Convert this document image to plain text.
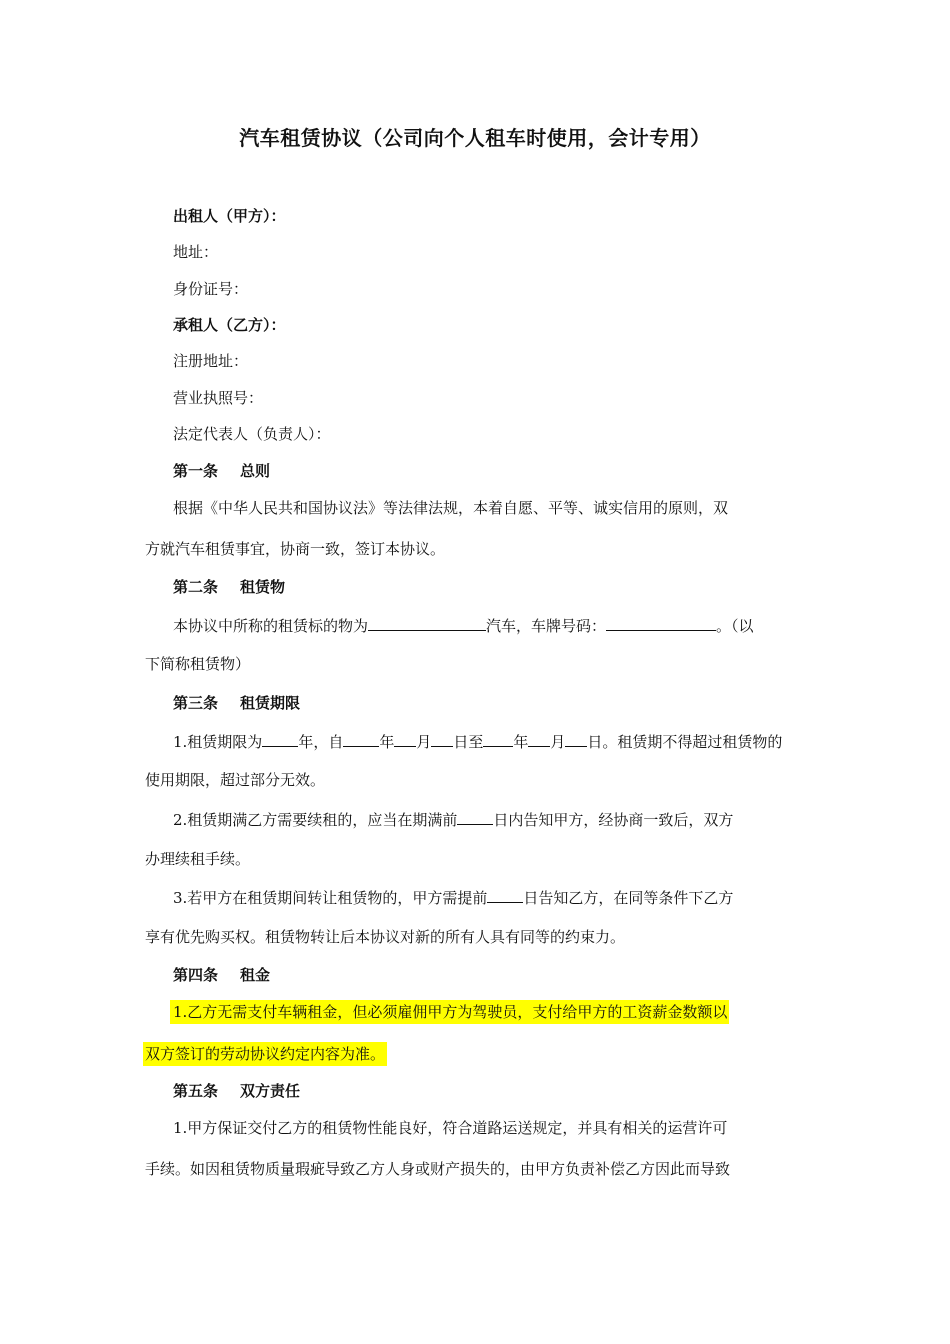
汽车租赁协议（公司向个人租车时使用，会计专用）
出租人（甲方）：
地址：
身份证号：
承租人（乙方）：
注册地址：
营业执照号：
法定代表人（负责人）：
第一条 总则
根据《中华人民共和国协议法》等法律法规，本着自愿、平等、诚实信用的原则，双
方就汽车租赁事宜，协商一致，签订本协议。
第二条 租赁物
本协议中所称的租赁标的物为	汽车，车牌号码：	。（以
下简称租赁物）
第三条 租赁期限
1.租赁期限为 年，自 年 月 日至 年 月 日。租赁期不得超过租赁物的
使用期限，超过部分无效。
2.租赁期满乙方需要续租的，应当在期满前 日内告知甲方，经协商一致后，双方
办理续租手续。
3.若甲方在租赁期间转让租赁物的，甲方需提前 日告知乙方，在同等条件下乙方
享有优先购买权。租赁物转让后本协议对新的所有人具有同等的约束力。
第四条 租金
1.乙方无需支付车辆租金，但必须雇佣甲方为驾驶员，支付给甲方的工资薪金数额以
双方签订的劳动协议约定内容为准。
第五条 双方责任
1.甲方保证交付乙方的租赁物性能良好，符合道路运送规定，并具有相关的运营许可
手续。如因租赁物质量瑕疵导致乙方人身或财产损失的，由甲方负责补偿乙方因此而导致
